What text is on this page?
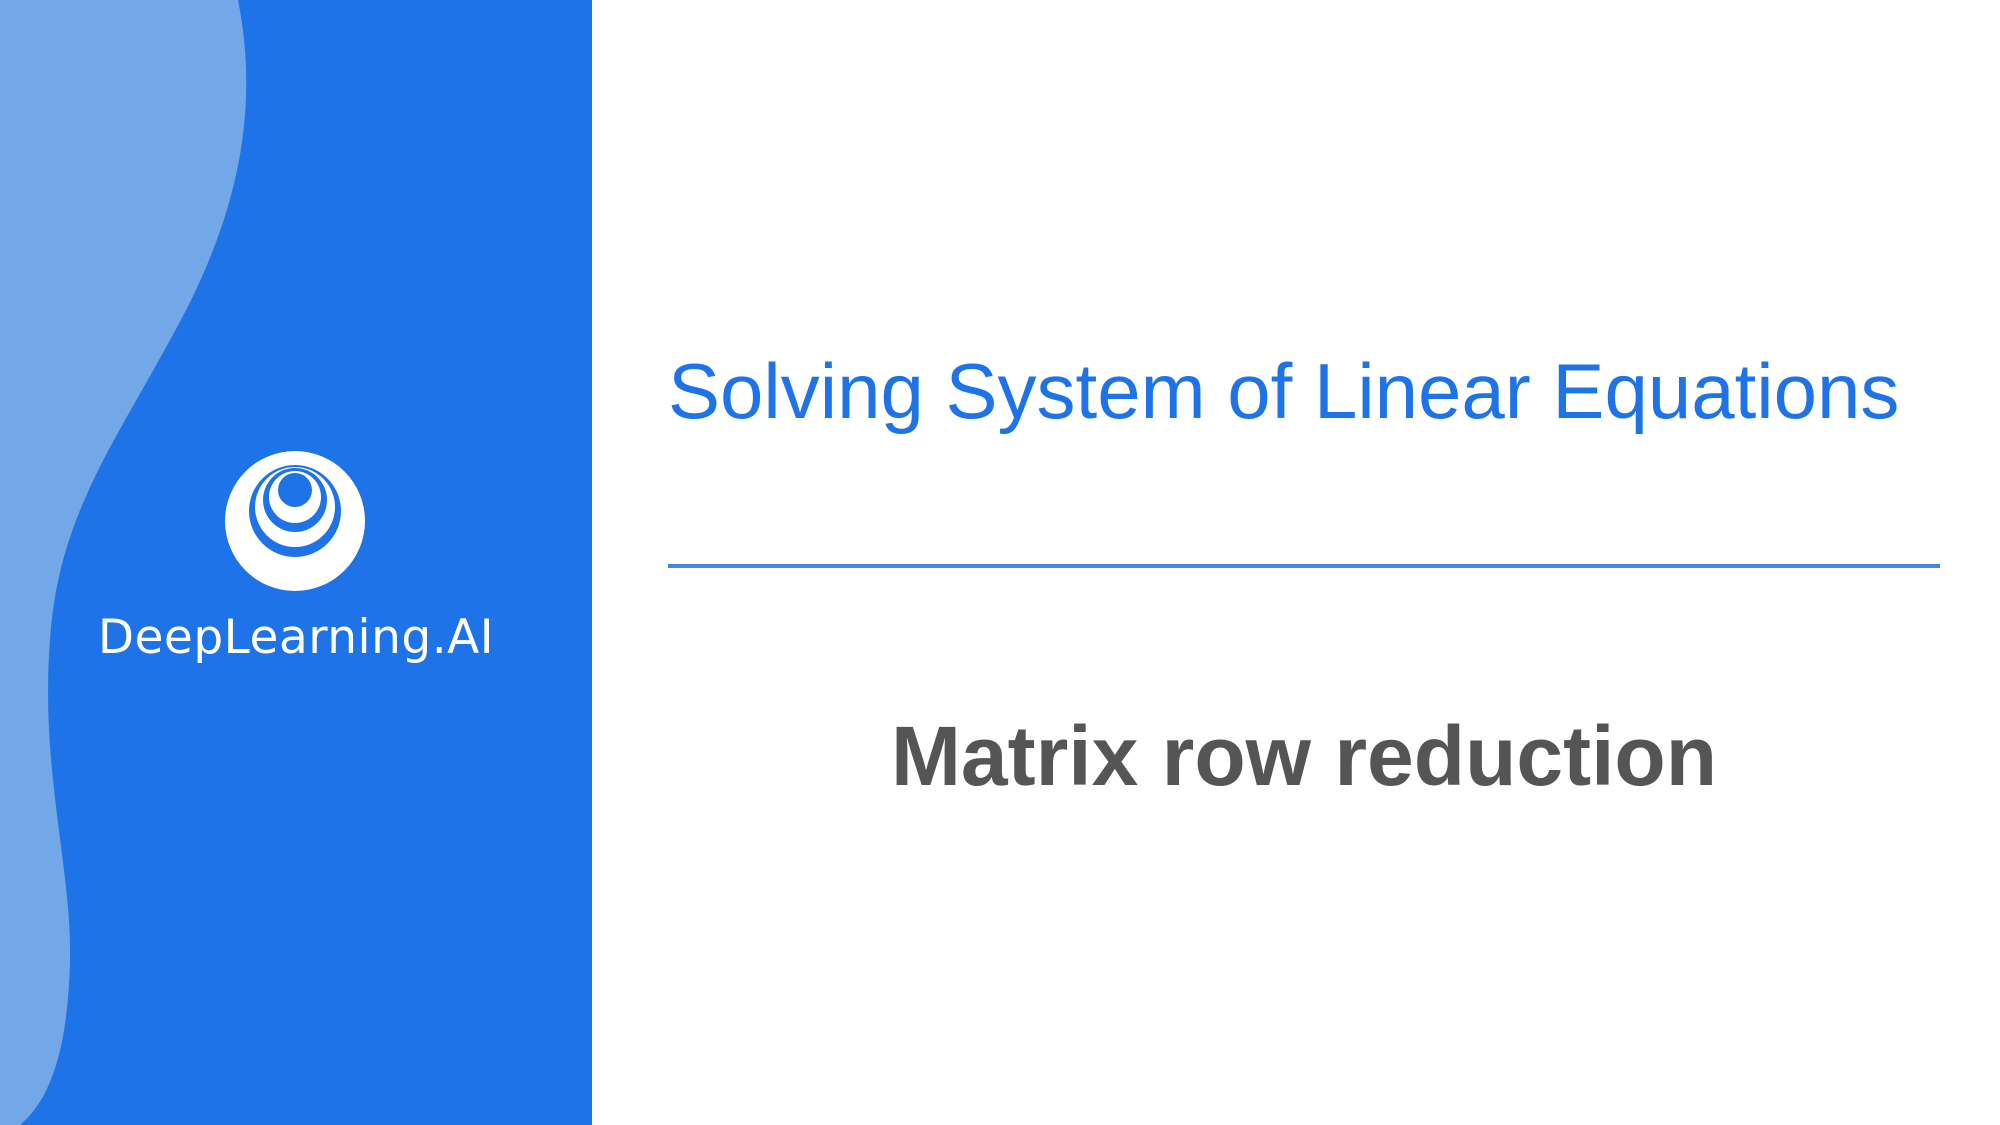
DeepLearning.AI
Solving System of Linear Equations
Matrix row reduction
